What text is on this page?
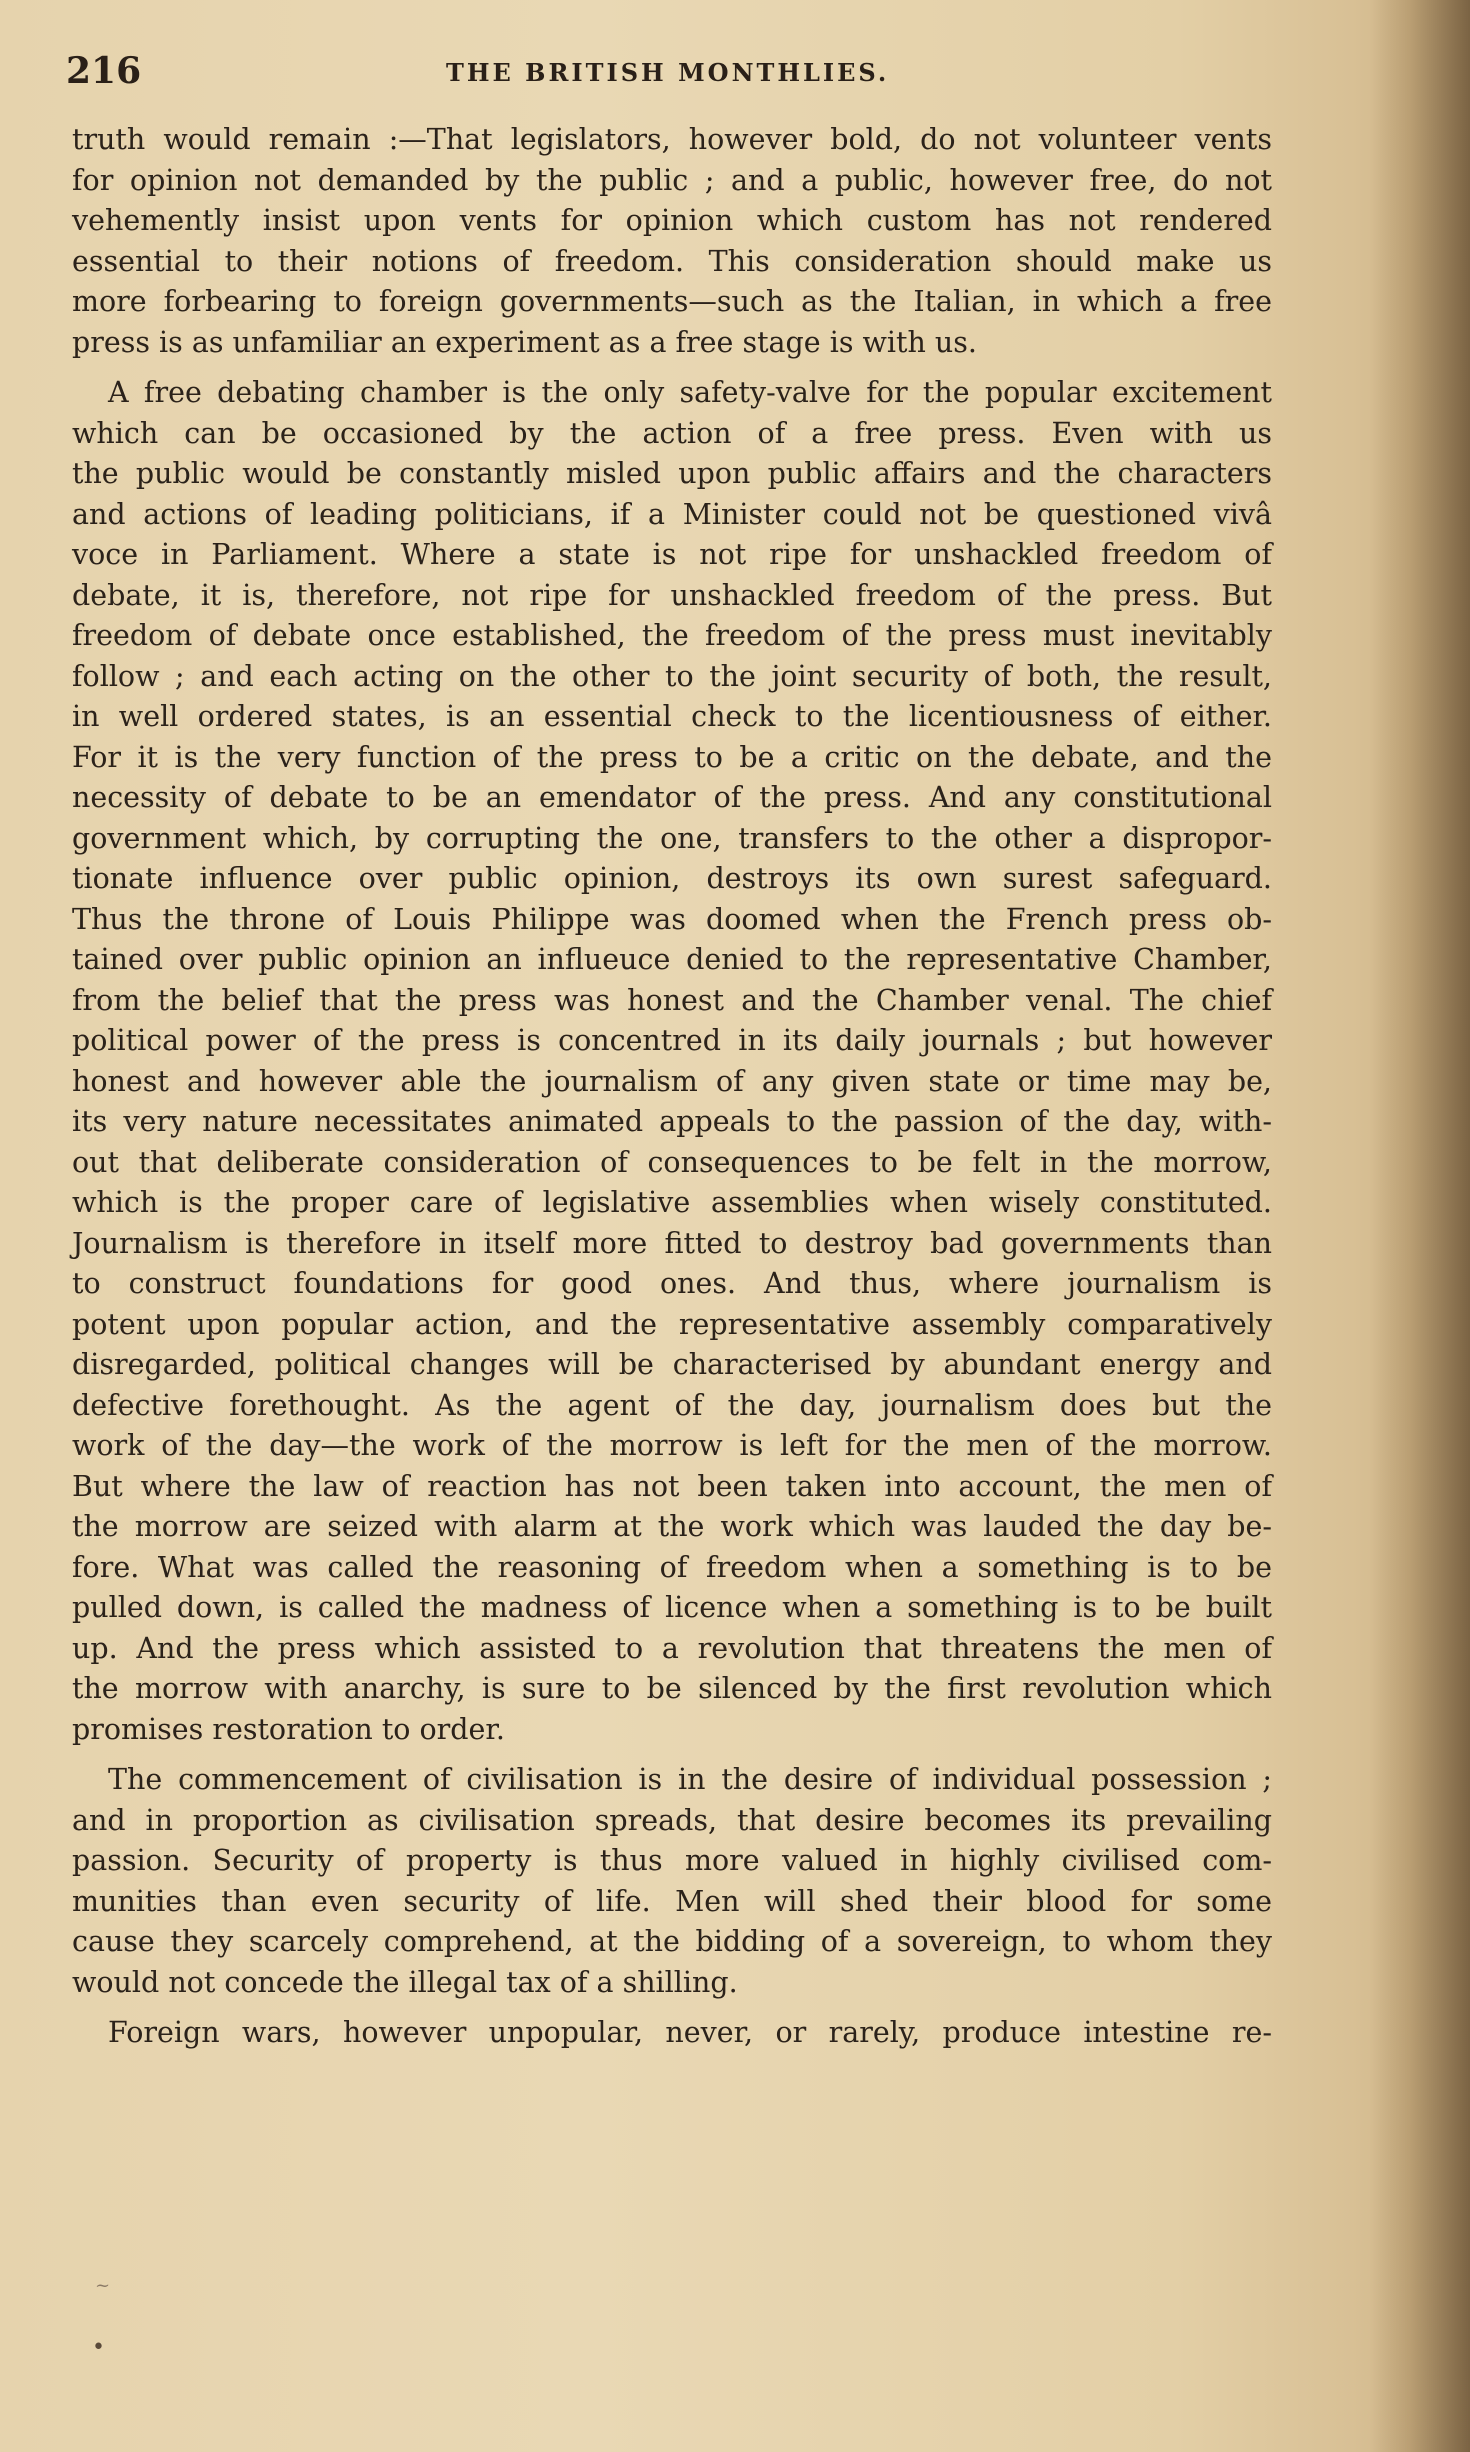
216	THE BRITISH MONTHLIES.

truth would remain :—That legislators, however bold, do not volunteer vents
for opinion not demanded by the public ; and a public, however free, do not
vehemently insist upon vents for opinion which custom has not rendered
essential to their notions of freedom. This consideration should make us
more forbearing to foreign governments—such as the Italian, in which a free
press is as unfamiliar an experiment as a free stage is with us.

A free debating chamber is the only safety-valve for the popular excitement
which can be occasioned by the action of a free press. Even with us
the public would be constantly misled upon public affairs and the characters
and actions of leading politicians, if a Minister could not be questioned vivâ
voce in Parliament. Where a state is not ripe for unshackled freedom of
debate, it is, therefore, not ripe for unshackled freedom of the press. But
freedom of debate once established, the freedom of the press must inevitably
follow ; and each acting on the other to the joint security of both, the result,
in well ordered states, is an essential check to the licentiousness of either.
For it is the very function of the press to be a critic on the debate, and the
necessity of debate to be an emendator of the press. And any constitutional
government which, by corrupting the one, transfers to the other a dispropor-
tionate influence over public opinion, destroys its own surest safeguard.
Thus the throne of Louis Philippe was doomed when the French press ob-
tained over public opinion an influeuce denied to the representative Chamber,
from the belief that the press was honest and the Chamber venal. The chief
political power of the press is concentred in its daily journals ; but however
honest and however able the journalism of any given state or time may be,
its very nature necessitates animated appeals to the passion of the day, with-
out that deliberate consideration of consequences to be felt in the morrow,
which is the proper care of legislative assemblies when wisely constituted.
Journalism is therefore in itself more fitted to destroy bad governments than
to construct foundations for good ones. And thus, where journalism is
potent upon popular action, and the representative assembly comparatively
disregarded, political changes will be characterised by abundant energy and
defective forethought. As the agent of the day, journalism does but the
work of the day—the work of the morrow is left for the men of the morrow.
But where the law of reaction has not been taken into account, the men of
the morrow are seized with alarm at the work which was lauded the day be-
fore. What was called the reasoning of freedom when a something is to be
pulled down, is called the madness of licence when a something is to be built
up. And the press which assisted to a revolution that threatens the men of
the morrow with anarchy, is sure to be silenced by the first revolution which
promises restoration to order.

The commencement of civilisation is in the desire of individual possession ;
and in proportion as civilisation spreads, that desire becomes its prevailing
passion. Security of property is thus more valued in highly civilised com-
munities than even security of life. Men will shed their blood for some
cause they scarcely comprehend, at the bidding of a sovereign, to whom they
would not concede the illegal tax of a shilling.

Foreign wars, however unpopular, never, or rarely, produce intestine re-

~
•
